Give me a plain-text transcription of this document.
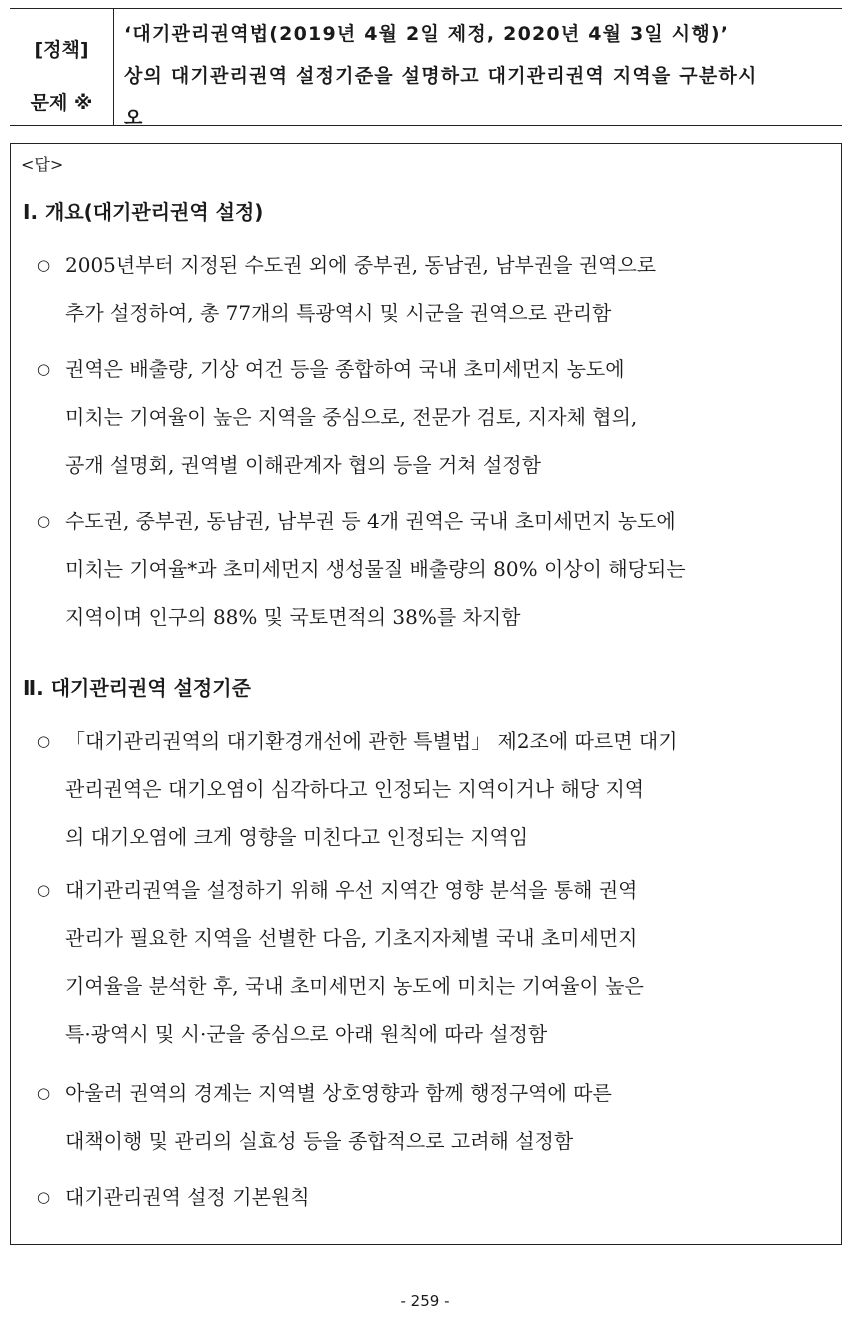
[정책]
문제 ※
‘대기관리권역법(2019년 4월 2일 제정, 2020년 4월 3일 시행)’
상의 대기관리권역 설정기준을 설명하고 대기관리권역 지역을 구분하시
오
<답>
Ⅰ. 개요(대기관리권역 설정)
○ 2005년부터 지정된 수도권 외에 중부권, 동남권, 남부권을 권역으로
추가 설정하여, 총 77개의 특광역시 및 시군을 권역으로 관리함
○ 권역은 배출량, 기상 여건 등을 종합하여 국내 초미세먼지 농도에
미치는 기여율이 높은 지역을 중심으로, 전문가 검토, 지자체 협의,
공개 설명회, 권역별 이해관계자 협의 등을 거쳐 설정함
○ 수도권, 중부권, 동남권, 남부권 등 4개 권역은 국내 초미세먼지 농도에
미치는 기여율*과 초미세먼지 생성물질 배출량의 80% 이상이 해당되는
지역이며 인구의 88% 및 국토면적의 38%를 차지함
Ⅱ. 대기관리권역 설정기준
○ 「대기관리권역의 대기환경개선에 관한 특별법」 제2조에 따르면 대기
관리권역은 대기오염이 심각하다고 인정되는 지역이거나 해당 지역
의 대기오염에 크게 영향을 미친다고 인정되는 지역임
○ 대기관리권역을 설정하기 위해 우선 지역간 영향 분석을 통해 권역
관리가 필요한 지역을 선별한 다음, 기초지자체별 국내 초미세먼지
기여율을 분석한 후, 국내 초미세먼지 농도에 미치는 기여율이 높은
특·광역시 및 시·군을 중심으로 아래 원칙에 따라 설정함
○ 아울러 권역의 경계는 지역별 상호영향과 함께 행정구역에 따른
대책이행 및 관리의 실효성 등을 종합적으로 고려해 설정함
○ 대기관리권역 설정 기본원칙
- 259 -
